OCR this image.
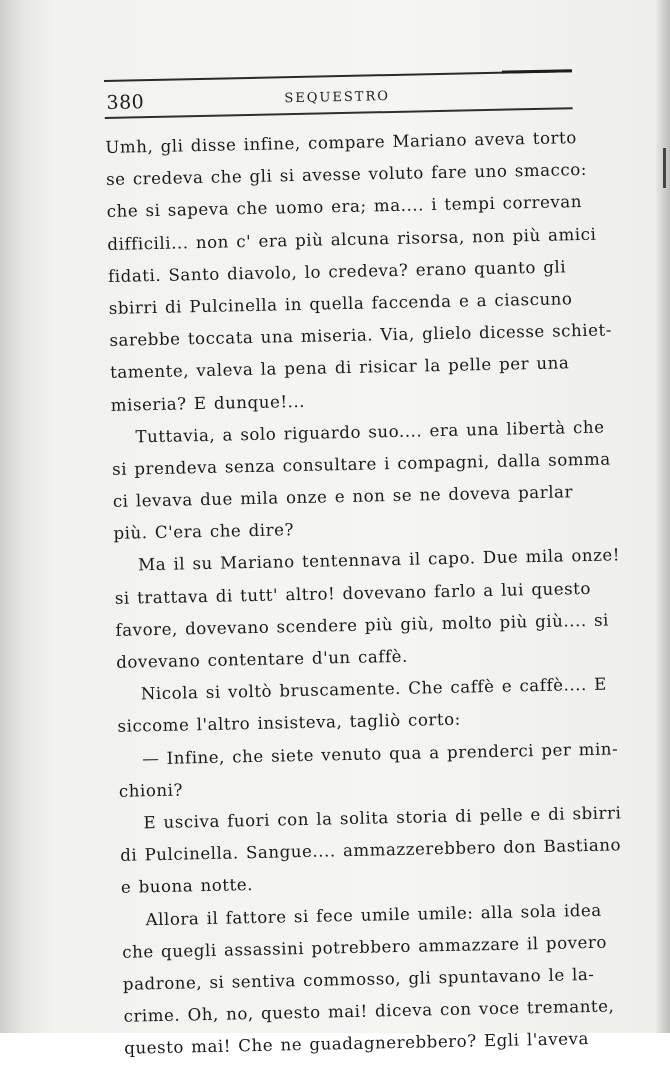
380	SEQUESTRO
Umh, gli disse infine, compare Mariano aveva torto
se credeva che gli si avesse voluto fare uno smacco:
che si sapeva che uomo era; ma.... i tempi correvan
difficili... non c' era più alcuna risorsa, non più amici
fidati. Santo diavolo, lo credeva? erano quanto gli
sbirri di Pulcinella in quella faccenda e a ciascuno
sarebbe toccata una miseria. Via, glielo dicesse schiet-
tamente, valeva la pena di risicar la pelle per una
miseria? E dunque!...
Tuttavia, a solo riguardo suo.... era una libertà che
si prendeva senza consultare i compagni, dalla somma
ci levava due mila onze e non se ne doveva parlar
più. C'era che dire?
Ma il su Mariano tentennava il capo. Due mila onze!
si trattava di tutt' altro! dovevano farlo a lui questo
favore, dovevano scendere più giù, molto più giù.... si
dovevano contentare d'un caffè.
Nicola si voltò bruscamente. Che caffè e caffè.... E
siccome l'altro insisteva, tagliò corto:
— Infine, che siete venuto qua a prenderci per min-
chioni?
E usciva fuori con la solita storia di pelle e di sbirri
di Pulcinella. Sangue.... ammazzerebbero don Bastiano
e buona notte.
Allora il fattore si fece umile umile: alla sola idea
che quegli assassini potrebbero ammazzare il povero
padrone, si sentiva commosso, gli spuntavano le la-
crime. Oh, no, questo mai! diceva con voce tremante,
questo mai! Che ne guadagnerebbero? Egli l'aveva
